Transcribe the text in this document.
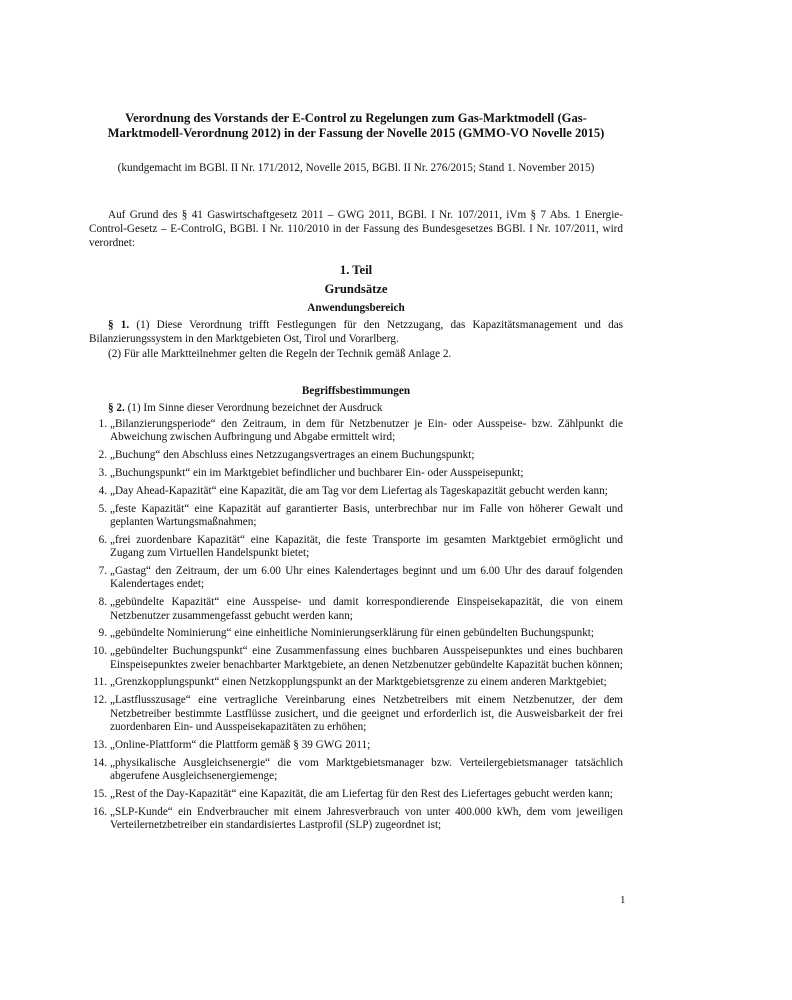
Verordnung des Vorstands der E-Control zu Regelungen zum Gas-Marktmodell (Gas-
Marktmodell-Verordnung 2012) in der Fassung der Novelle 2015 (GMMO-VO Novelle 2015)
(kundgemacht im BGBl. II Nr. 171/2012, Novelle 2015, BGBl. II Nr. 276/2015; Stand 1. November 2015)

Auf Grund des § 41 Gaswirtschaftgesetz 2011 – GWG 2011, BGBl. I Nr. 107/2011, iVm § 7 Abs. 1 Energie-Control-Gesetz – E-ControlG, BGBl. I Nr. 110/2010 in der Fassung des Bundesgesetzes BGBl. I Nr. 107/2011, wird verordnet:

1. Teil
Grundsätze
Anwendungsbereich

§ 1. (1) Diese Verordnung trifft Festlegungen für den Netzzugang, das Kapazitätsmanagement und das Bilanzierungssystem in den Marktgebieten Ost, Tirol und Vorarlberg.

(2) Für alle Marktteilnehmer gelten die Regeln der Technik gemäß Anlage 2.

Begriffsbestimmungen

§ 2. (1) Im Sinne dieser Verordnung bezeichnet der Ausdruck

1. „Bilanzierungsperiode“ den Zeitraum, in dem für Netzbenutzer je Ein- oder Ausspeise- bzw. Zählpunkt die Abweichung zwischen Aufbringung und Abgabe ermittelt wird;
2. „Buchung“ den Abschluss eines Netzzugangsvertrages an einem Buchungspunkt;
3. „Buchungspunkt“ ein im Marktgebiet befindlicher und buchbarer Ein- oder Ausspeisepunkt;
4. „Day Ahead-Kapazität“ eine Kapazität, die am Tag vor dem Liefertag als Tageskapazität gebucht werden kann;
5. „feste Kapazität“ eine Kapazität auf garantierter Basis, unterbrechbar nur im Falle von höherer Gewalt und geplanten Wartungsmaßnahmen;
6. „frei zuordenbare Kapazität“ eine Kapazität, die feste Transporte im gesamten Marktgebiet ermöglicht und Zugang zum Virtuellen Handelspunkt bietet;
7. „Gastag“ den Zeitraum, der um 6.00 Uhr eines Kalendertages beginnt und um 6.00 Uhr des darauf folgenden Kalendertages endet;
8. „gebündelte Kapazität“ eine Ausspeise- und damit korrespondierende Einspeisekapazität, die von einem Netzbenutzer zusammengefasst gebucht werden kann;
9. „gebündelte Nominierung“ eine einheitliche Nominierungserklärung für einen gebündelten Buchungspunkt;
10. „gebündelter Buchungspunkt“ eine Zusammenfassung eines buchbaren Ausspeisepunktes und eines buchbaren Einspeisepunktes zweier benachbarter Marktgebiete, an denen Netzbenutzer gebündelte Kapazität buchen können;
11. „Grenzkopplungspunkt“ einen Netzkopplungspunkt an der Marktgebietsgrenze zu einem anderen Marktgebiet;
12. „Lastflusszusage“ eine vertragliche Vereinbarung eines Netzbetreibers mit einem Netzbenutzer, der dem Netzbetreiber bestimmte Lastflüsse zusichert, und die geeignet und erforderlich ist, die Ausweisbarkeit der frei zuordenbaren Ein- und Ausspeisekapazitäten zu erhöhen;
13. „Online-Plattform“ die Plattform gemäß § 39 GWG 2011;
14. „physikalische Ausgleichsenergie“ die vom Marktgebietsmanager bzw. Verteilergebietsmanager tatsächlich abgerufene Ausgleichsenergiemenge;
15. „Rest of the Day-Kapazität“ eine Kapazität, die am Liefertag für den Rest des Liefertages gebucht werden kann;
16. „SLP-Kunde“ ein Endverbraucher mit einem Jahresverbrauch von unter 400.000 kWh, dem vom jeweiligen Verteilernetzbetreiber ein standardisiertes Lastprofil (SLP) zugeordnet ist;
1
